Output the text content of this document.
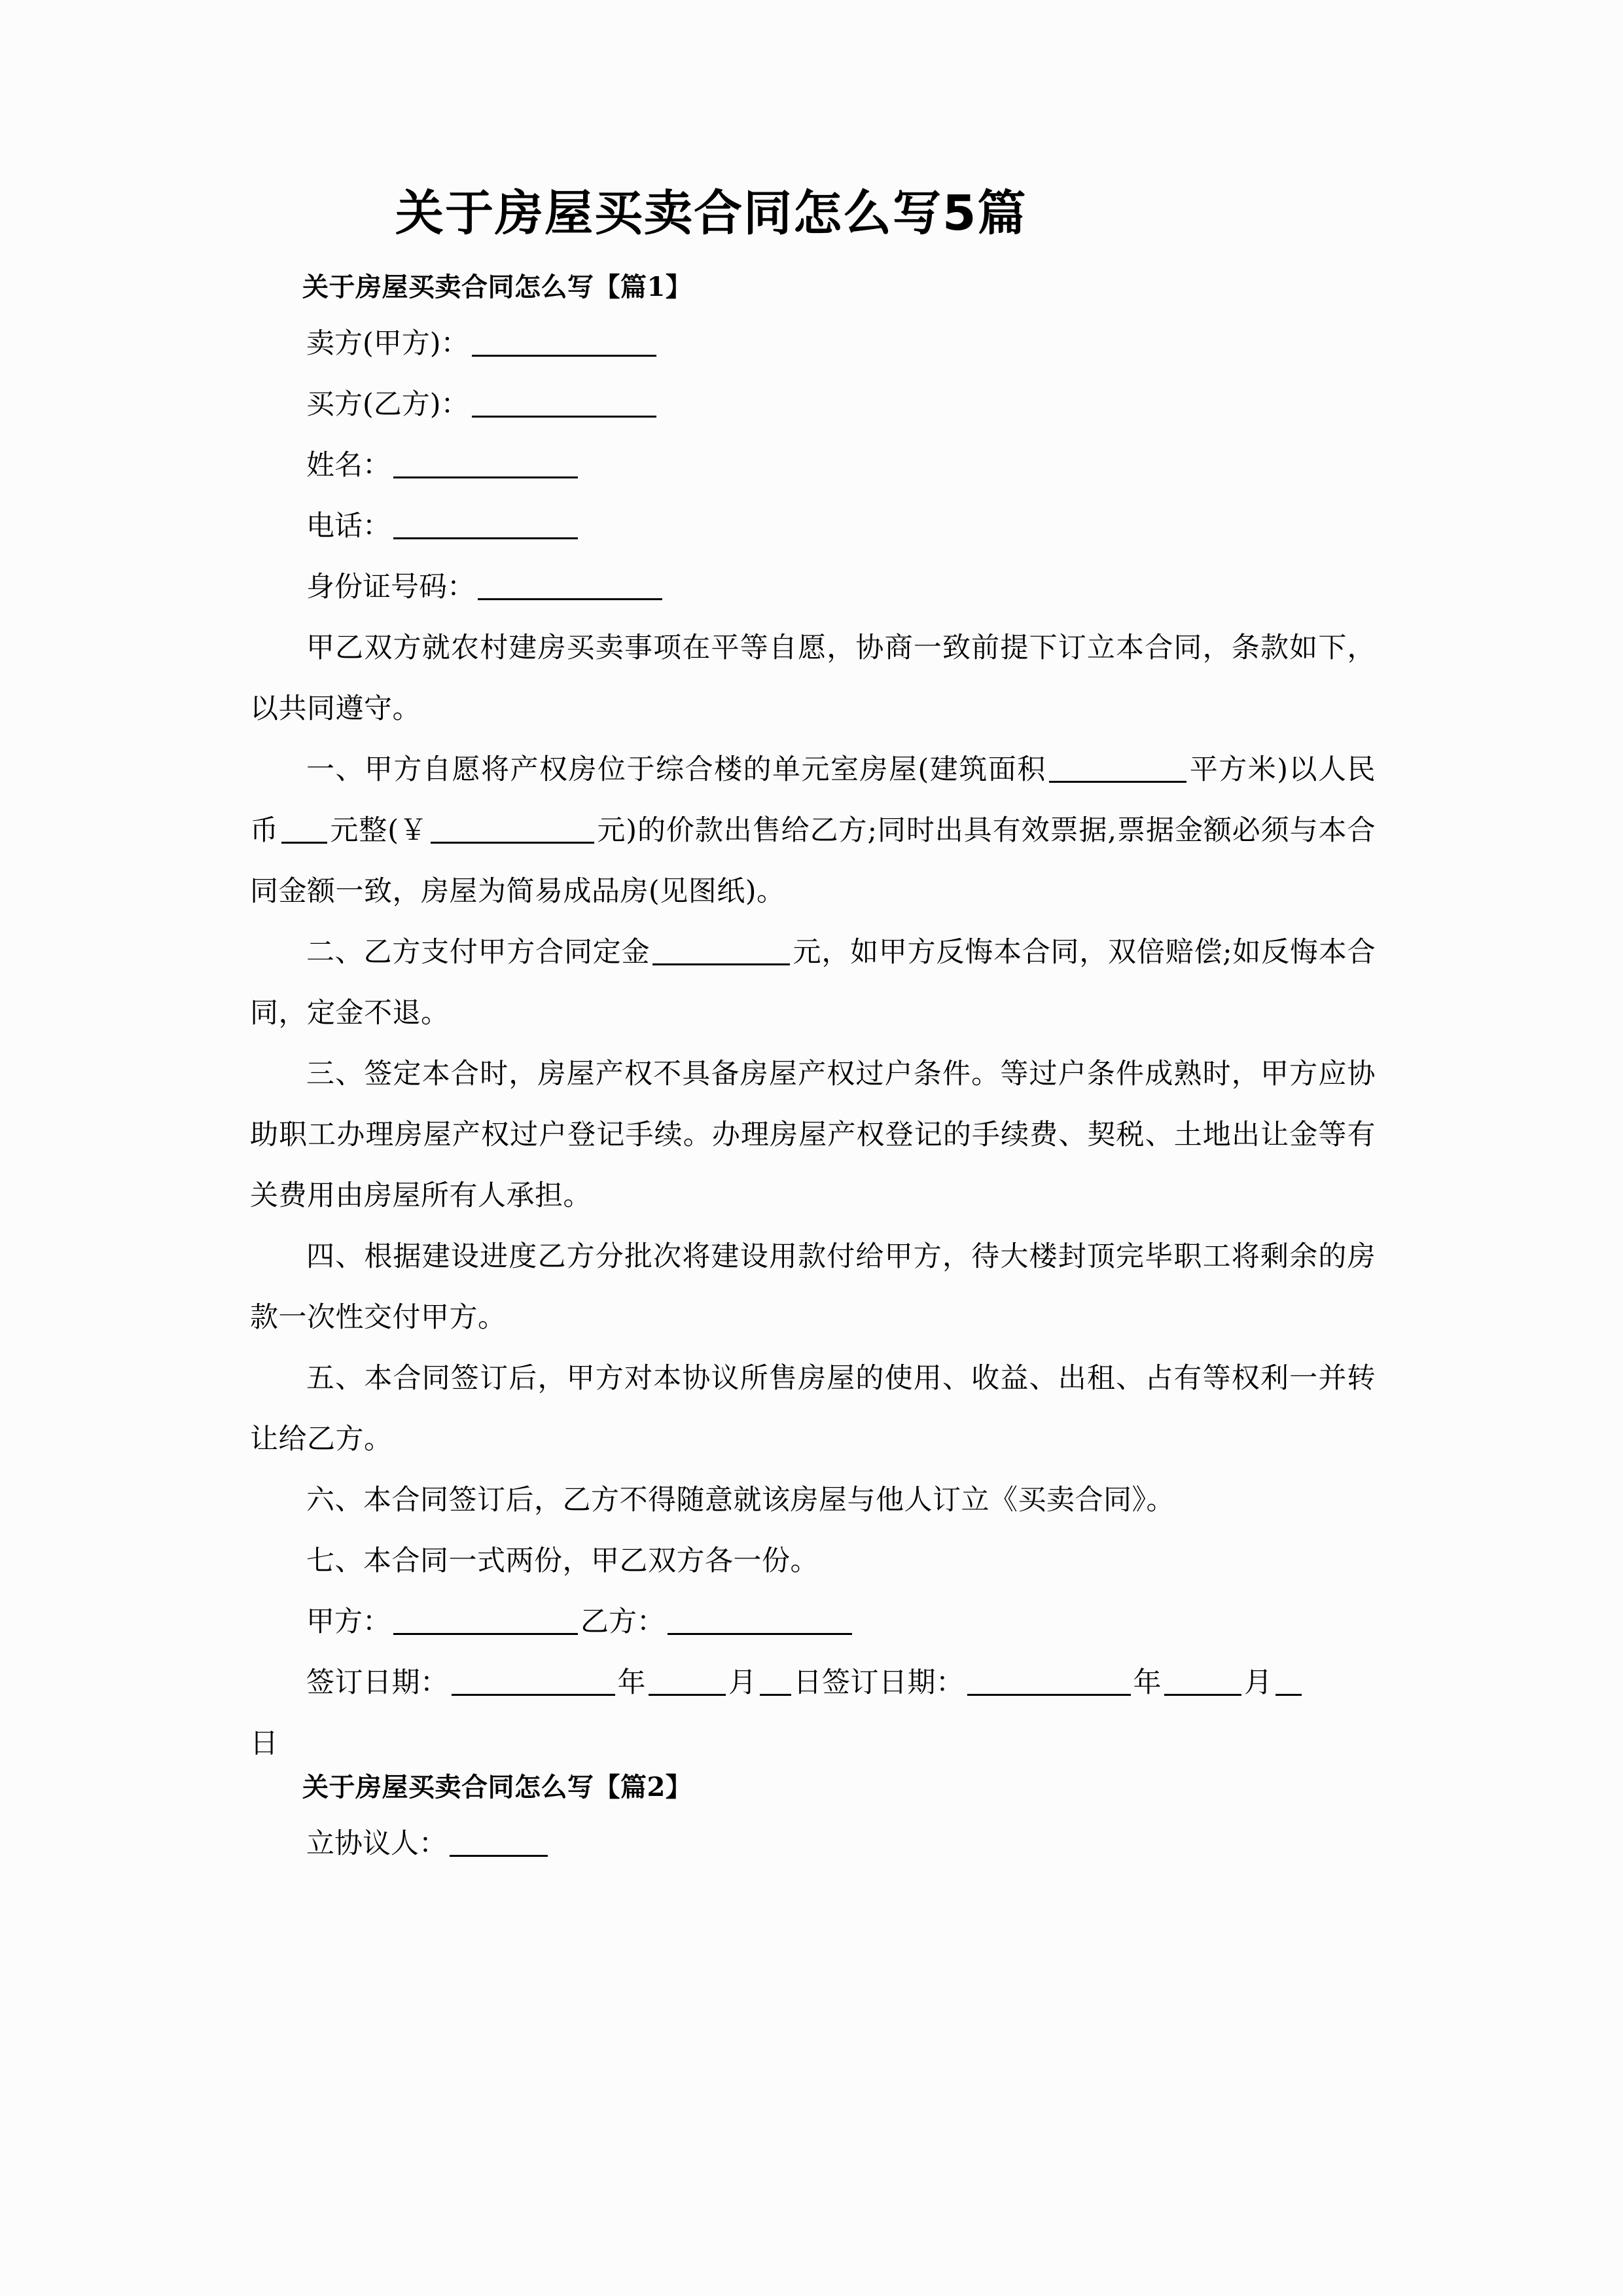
关于房屋买卖合同怎么写5篇

关于房屋买卖合同怎么写【篇1】

卖方(甲方)：

买方(乙方)：

姓名：

电话：

身份证号码：

甲乙双方就农村建房买卖事项在平等自愿，协商一致前提下订立本合同，条款如下，以共同遵守。

一、甲方自愿将产权房位于综合楼的单元室房屋(建筑面积	平方米)以人民币 元整(￥	元)的价款出售给乙方;同时出具有效票据,票据金额必须与本合同金额一致，房屋为简易成品房(见图纸)。

二、乙方支付甲方合同定金	元，如甲方反悔本合同，双倍赔偿;如反悔本合同，定金不退。

三、签定本合时，房屋产权不具备房屋产权过户条件。等过户条件成熟时，甲方应协助职工办理房屋产权过户登记手续。办理房屋产权登记的手续费、契税、土地出让金等有关费用由房屋所有人承担。

四、根据建设进度乙方分批次将建设用款付给甲方，待大楼封顶完毕职工将剩余的房款一次性交付甲方。

五、本合同签订后，甲方对本协议所售房屋的使用、收益、出租、占有等权利一并转让给乙方。

六、本合同签订后，乙方不得随意就该房屋与他人订立《买卖合同》。

七、本合同一式两份，甲乙双方各一份。

甲方：	乙方：

签订日期：	年	月 日签订日期：	年	月

日

关于房屋买卖合同怎么写【篇2】

立协议人：
